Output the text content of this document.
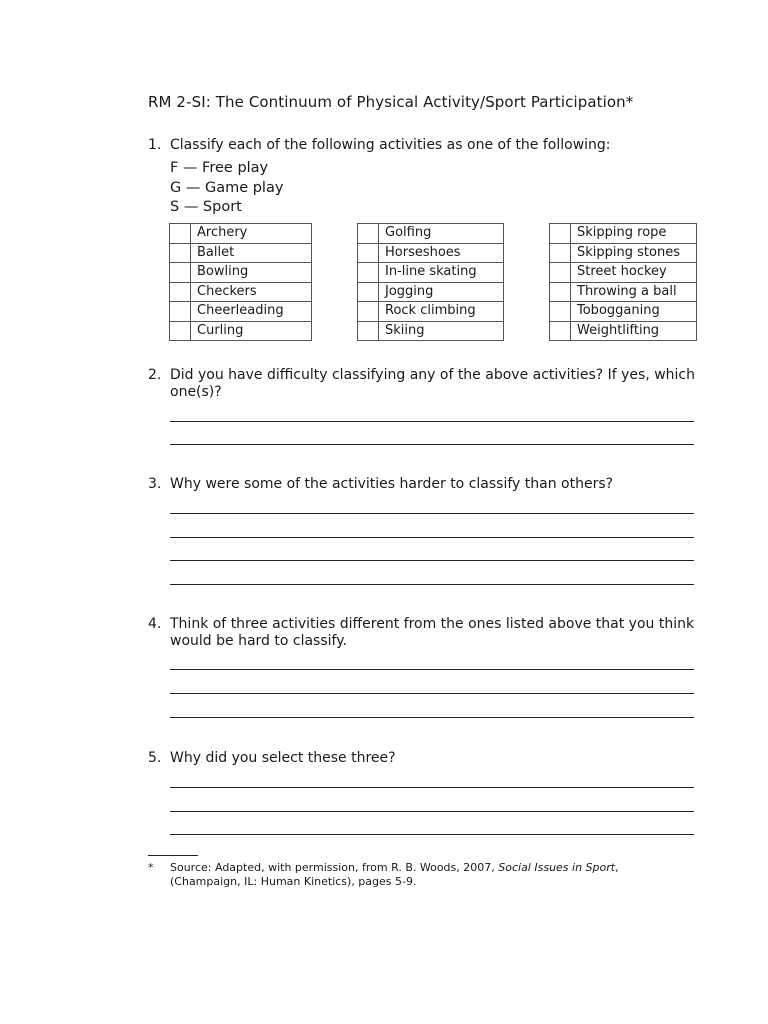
RM 2-SI: The Continuum of Physical Activity/Sport Participation*
1. Classify each of the following activities as one of the following:
F — Free play
G — Game play
S — Sport
	Archery
	Ballet
	Bowling
	Checkers
	Cheerleading
	Curling
	Golfing
	Horseshoes
	In-line skating
	Jogging
	Rock climbing
	Skiing
	Skipping rope
	Skipping stones
	Street hockey
	Throwing a ball
	Tobogganing
	Weightlifting
2. Did you have difficulty classifying any of the above activities? If yes, which one(s)?
3. Why were some of the activities harder to classify than others?
4. Think of three activities different from the ones listed above that you think would be hard to classify.
5. Why did you select these three?
* Source: Adapted, with permission, from R. B. Woods, 2007, Social Issues in Sport, (Champaign, IL: Human Kinetics), pages 5-9.
